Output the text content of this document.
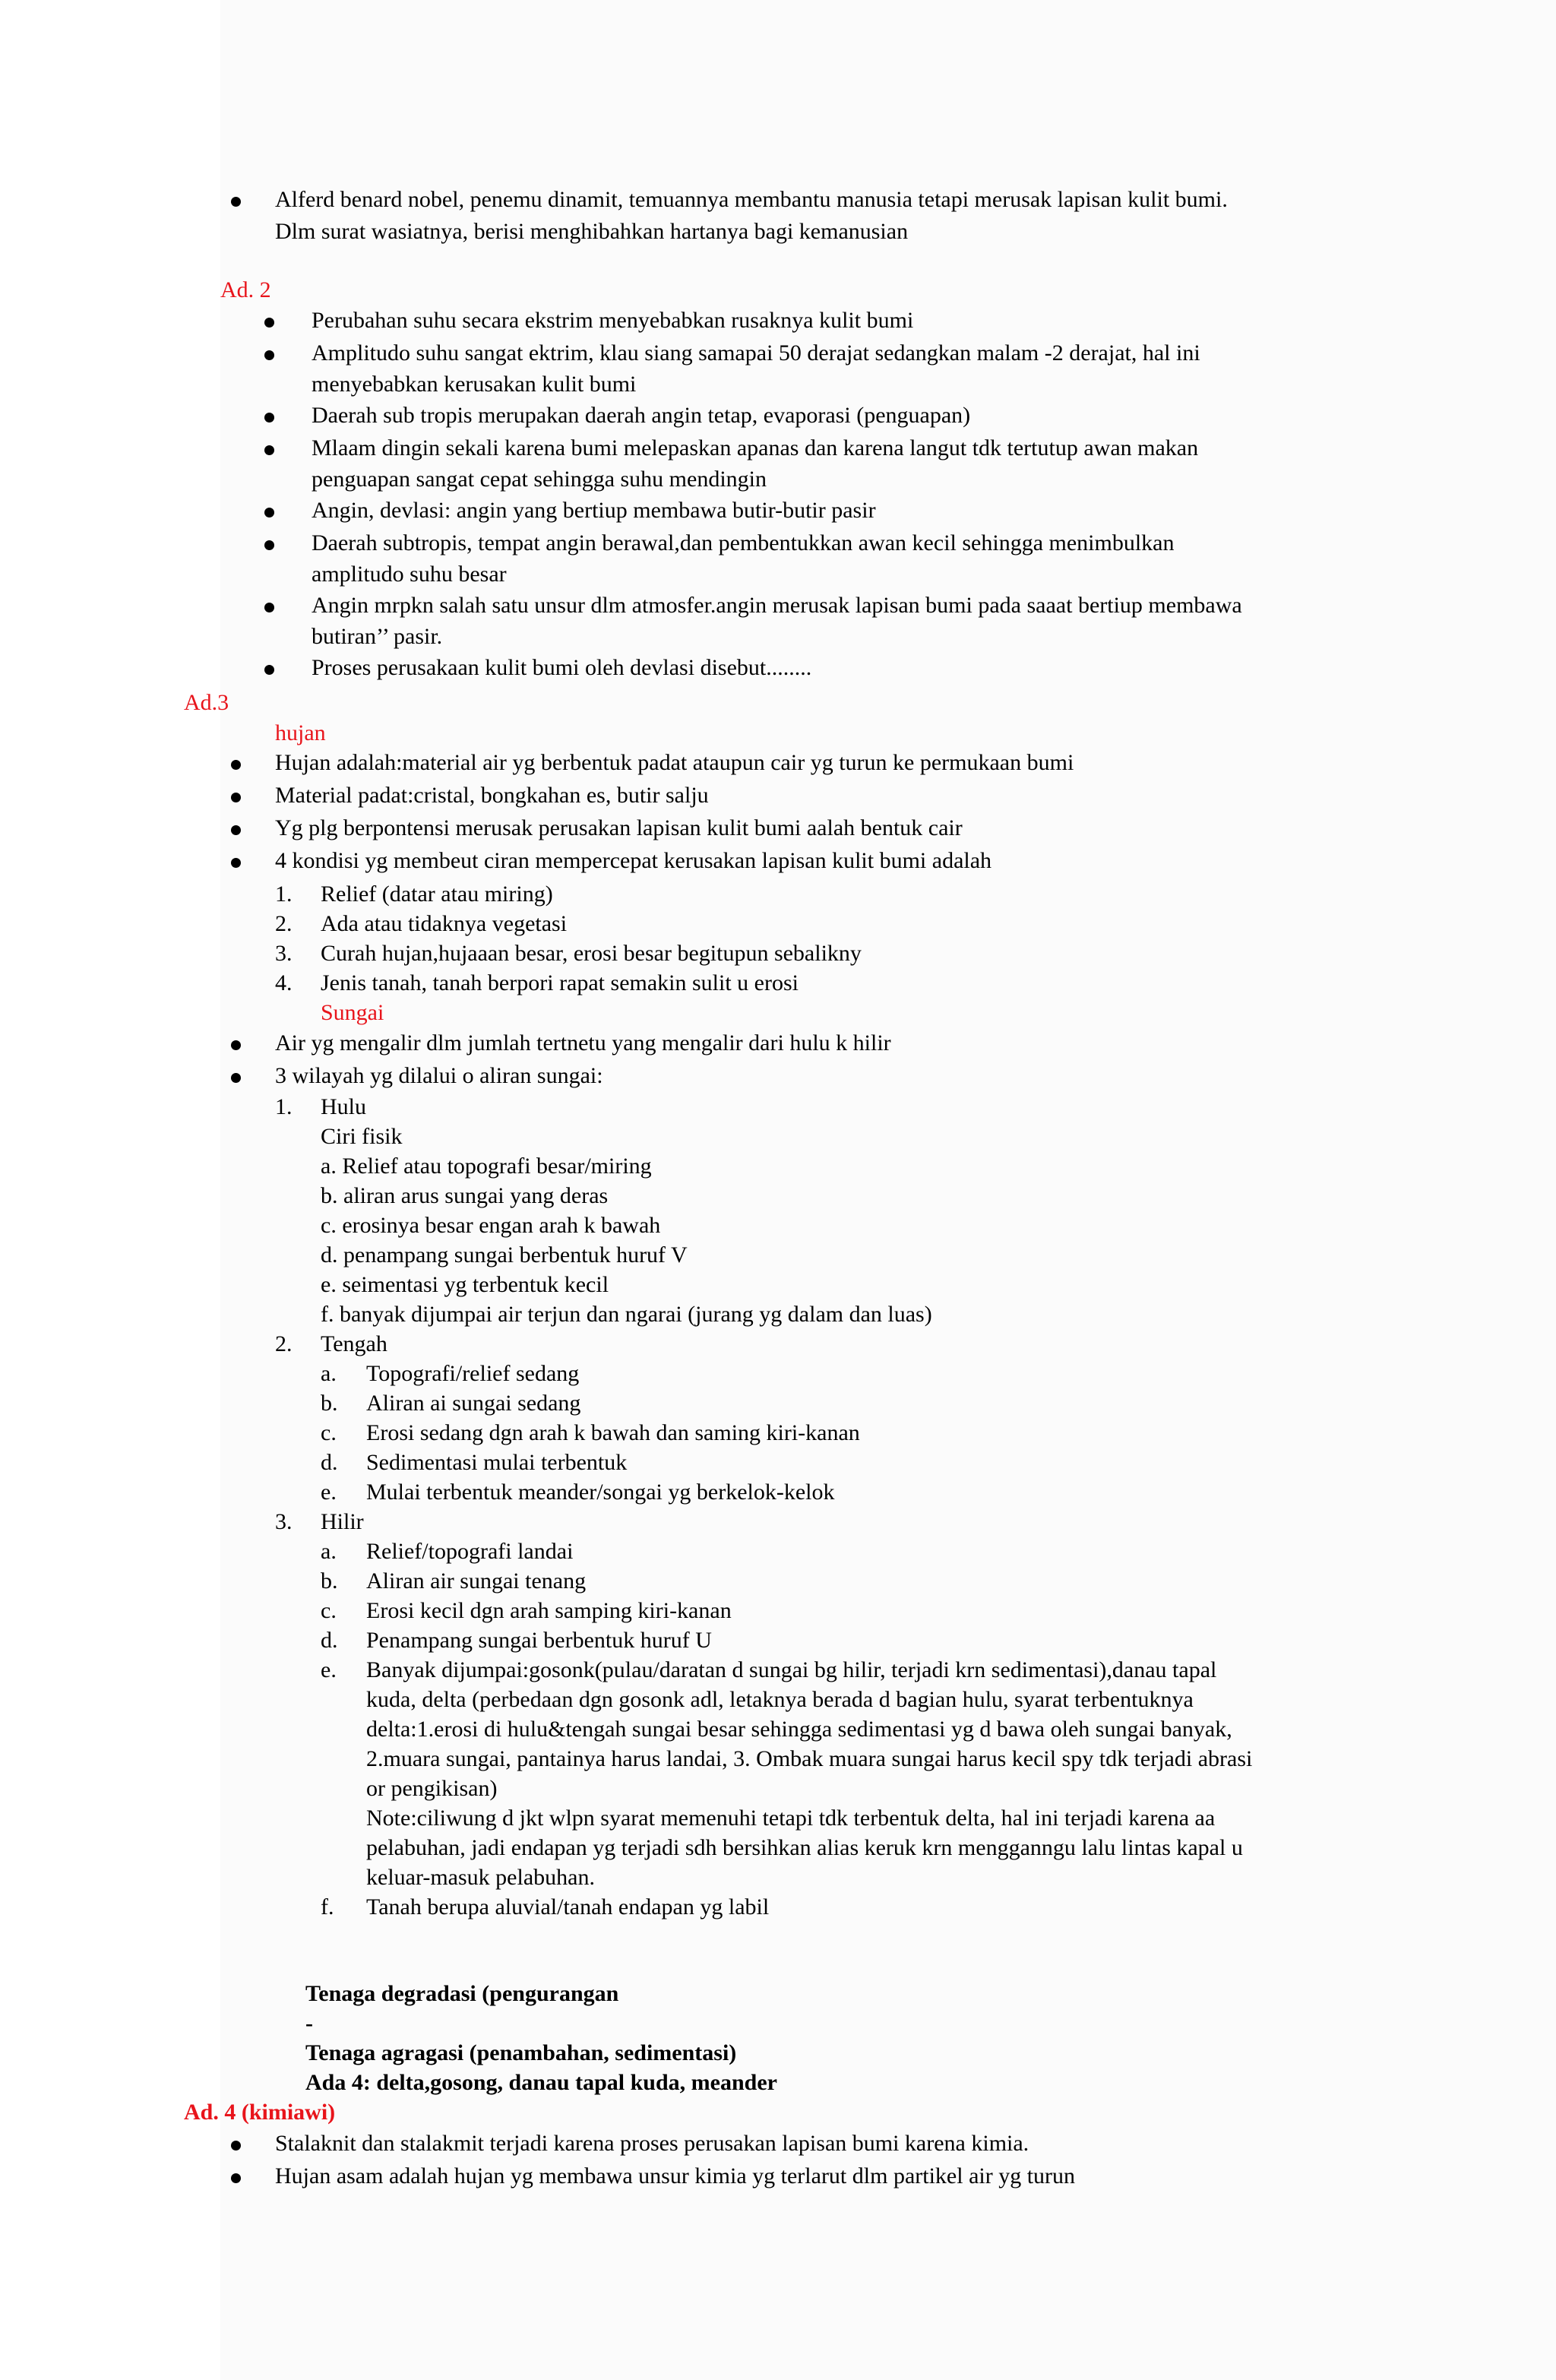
Alferd benard nobel, penemu dinamit, temuannya membantu manusia tetapi merusak lapisan kulit bumi.
Dlm surat wasiatnya, berisi menghibahkan hartanya bagi kemanusian
Ad. 2
Perubahan suhu secara ekstrim menyebabkan rusaknya kulit bumi
Amplitudo suhu sangat ektrim, klau siang samapai 50 derajat sedangkan malam -2 derajat, hal ini
menyebabkan kerusakan kulit bumi
Daerah sub tropis merupakan daerah angin tetap, evaporasi (penguapan)
Mlaam dingin sekali karena bumi melepaskan apanas dan karena langut tdk tertutup awan makan
penguapan sangat cepat sehingga suhu mendingin
Angin, devlasi: angin yang bertiup membawa butir-butir pasir
Daerah subtropis, tempat angin berawal,dan pembentukkan awan kecil sehingga menimbulkan
amplitudo suhu besar
Angin mrpkn salah satu unsur dlm atmosfer.angin merusak lapisan bumi pada saaat bertiup membawa
butiran’’ pasir.
Proses perusakaan kulit bumi oleh devlasi disebut........
Ad.3
hujan
Hujan adalah:material air yg berbentuk padat ataupun cair yg turun ke permukaan bumi
Material padat:cristal, bongkahan es, butir salju
Yg plg berpontensi merusak perusakan lapisan kulit bumi aalah bentuk cair
4 kondisi yg membeut ciran mempercepat kerusakan lapisan kulit bumi adalah
1. Relief (datar atau miring)
2. Ada atau tidaknya vegetasi
3. Curah hujan,hujaaan besar, erosi besar begitupun sebalikny
4. Jenis tanah, tanah berpori rapat semakin sulit u erosi
Sungai
Air yg mengalir dlm jumlah tertnetu yang mengalir dari hulu k hilir
3 wilayah yg dilalui o aliran sungai:
1. Hulu
Ciri fisik
a. Relief atau topografi besar/miring
b. aliran arus sungai yang deras
c. erosinya besar engan arah k bawah
d. penampang sungai berbentuk huruf V
e. seimentasi yg terbentuk kecil
f. banyak dijumpai air terjun dan ngarai (jurang yg dalam dan luas)
2. Tengah
a. Topografi/relief sedang
b. Aliran ai sungai sedang
c. Erosi sedang dgn arah k bawah dan saming kiri-kanan
d. Sedimentasi mulai terbentuk
e. Mulai terbentuk meander/songai yg berkelok-kelok
3. Hilir
a. Relief/topografi landai
b. Aliran air sungai tenang
c. Erosi kecil dgn arah samping kiri-kanan
d. Penampang sungai berbentuk huruf U
e. Banyak dijumpai:gosonk(pulau/daratan d sungai bg hilir, terjadi krn sedimentasi),danau tapal
kuda, delta (perbedaan dgn gosonk adl, letaknya berada d bagian hulu, syarat terbentuknya
delta:1.erosi di hulu&tengah sungai besar sehingga sedimentasi yg d bawa oleh sungai banyak,
2.muara sungai, pantainya harus landai, 3. Ombak muara sungai harus kecil spy tdk terjadi abrasi
or pengikisan)
Note:ciliwung d jkt wlpn syarat memenuhi tetapi tdk terbentuk delta, hal ini terjadi karena aa
pelabuhan, jadi endapan yg terjadi sdh bersihkan alias keruk krn mengganngu lalu lintas kapal u
keluar-masuk pelabuhan.
f. Tanah berupa aluvial/tanah endapan yg labil
Tenaga degradasi (pengurangan
-
Tenaga agragasi (penambahan, sedimentasi)
Ada 4: delta,gosong, danau tapal kuda, meander
Ad. 4 (kimiawi)
Stalaknit dan stalakmit terjadi karena proses perusakan lapisan bumi karena kimia.
Hujan asam adalah hujan yg membawa unsur kimia yg terlarut dlm partikel air yg turun
